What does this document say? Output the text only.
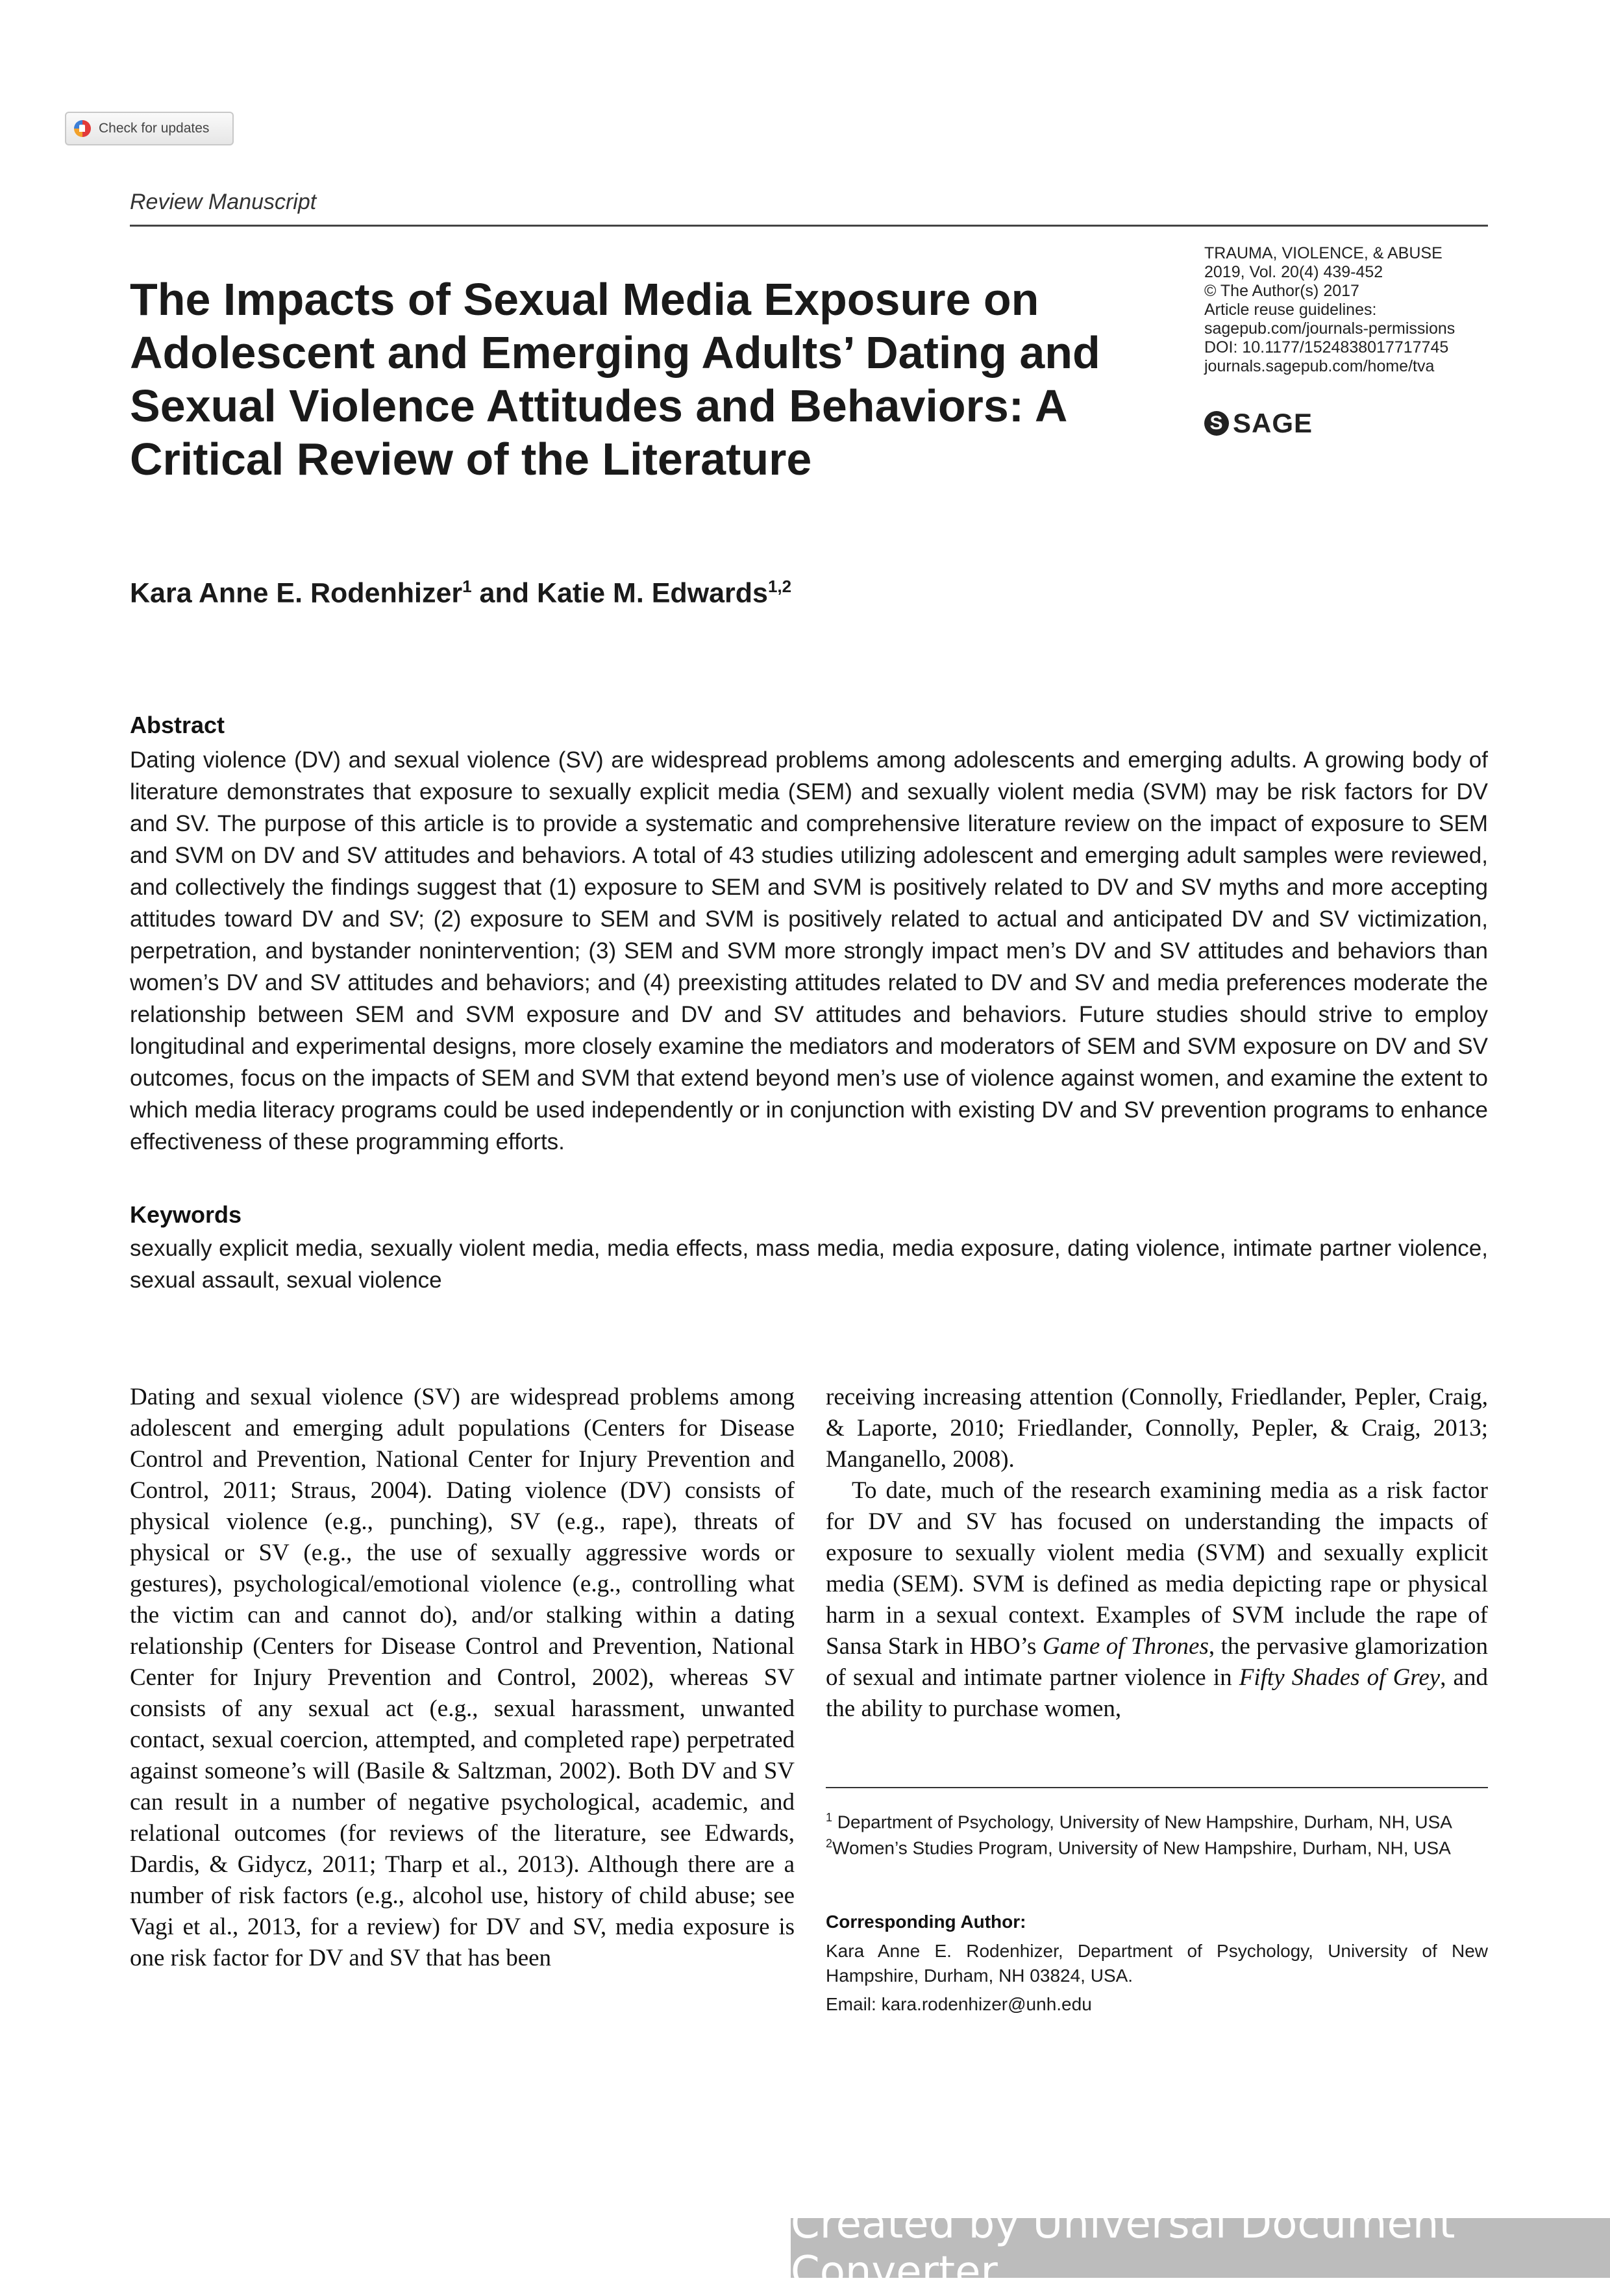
Check for updates
Review Manuscript
The Impacts of Sexual Media Exposure on Adolescent and Emerging Adults’ Dating and Sexual Violence Attitudes and Behaviors: A Critical Review of the Literature
TRAUMA, VIOLENCE, & ABUSE
2019, Vol. 20(4) 439-452
© The Author(s) 2017
Article reuse guidelines:
sagepub.com/journals-permissions
DOI: 10.1177/1524838017717745
journals.sagepub.com/home/tva
S SAGE
Kara Anne E. Rodenhizer$^1$ and Katie M. Edwards$^{1,2}$
Abstract

Dating violence (DV) and sexual violence (SV) are widespread problems among adolescents and emerging adults. A growing body of literature demonstrates that exposure to sexually explicit media (SEM) and sexually violent media (SVM) may be risk factors for DV and SV. The purpose of this article is to provide a systematic and comprehensive literature review on the impact of exposure to SEM and SVM on DV and SV attitudes and behaviors. A total of 43 studies utilizing adolescent and emerging adult samples were reviewed, and collectively the findings suggest that (1) exposure to SEM and SVM is positively related to DV and SV myths and more accepting attitudes toward DV and SV; (2) exposure to SEM and SVM is positively related to actual and anticipated DV and SV victimization, perpetration, and bystander nonintervention; (3) SEM and SVM more strongly impact men’s DV and SV attitudes and behaviors than women’s DV and SV attitudes and behaviors; and (4) preexisting attitudes related to DV and SV and media preferences moderate the relationship between SEM and SVM exposure and DV and SV attitudes and behaviors. Future studies should strive to employ longitudinal and experimental designs, more closely examine the mediators and moderators of SEM and SVM exposure on DV and SV outcomes, focus on the impacts of SEM and SVM that extend beyond men’s use of violence against women, and examine the extent to which media literacy programs could be used independently or in conjunction with existing DV and SV prevention programs to enhance effectiveness of these programming efforts.

Keywords

sexually explicit media, sexually violent media, media effects, mass media, media exposure, dating violence, intimate partner violence, sexual assault, sexual violence

Dating and sexual violence (SV) are widespread problems among adolescent and emerging adult populations (Centers for Disease Control and Prevention, National Center for Injury Prevention and Control, 2011; Straus, 2004). Dating violence (DV) consists of physical violence (e.g., punching), SV (e.g., rape), threats of physical or SV (e.g., the use of sexually aggressive words or gestures), psychological/emotional violence (e.g., controlling what the victim can and cannot do), and/or stalking within a dating relationship (Centers for Disease Control and Prevention, National Center for Injury Prevention and Control, 2002), whereas SV consists of any sexual act (e.g., sexual harassment, unwanted contact, sexual coercion, attempted, and completed rape) perpetrated against someone’s will (Basile & Saltzman, 2002). Both DV and SV can result in a number of negative psychological, academic, and relational outcomes (for reviews of the literature, see Edwards, Dardis, & Gidycz, 2011; Tharp et al., 2013). Although there are a number of risk factors (e.g., alcohol use, history of child abuse; see Vagi et al., 2013, for a review) for DV and SV, media exposure is one risk factor for DV and SV that has been

receiving increasing attention (Connolly, Friedlander, Pepler, Craig, & Laporte, 2010; Friedlander, Connolly, Pepler, & Craig, 2013; Manganello, 2008).

To date, much of the research examining media as a risk factor for DV and SV has focused on understanding the impacts of exposure to sexually violent media (SVM) and sexually explicit media (SEM). SVM is defined as media depicting rape or physical harm in a sexual context. Examples of SVM include the rape of Sansa Stark in HBO’s Game of Thrones, the pervasive glamorization of sexual and intimate partner violence in Fifty Shades of Grey, and the ability to purchase women,

$^1$ Department of Psychology, University of New Hampshire, Durham, NH, USA

$^2$Women’s Studies Program, University of New Hampshire, Durham, NH, USA

Corresponding Author:

Kara Anne E. Rodenhizer, Department of Psychology, University of New Hampshire, Durham, NH 03824, USA.

Email: kara.rodenhizer@unh.edu

Created by Universal Document Converter
